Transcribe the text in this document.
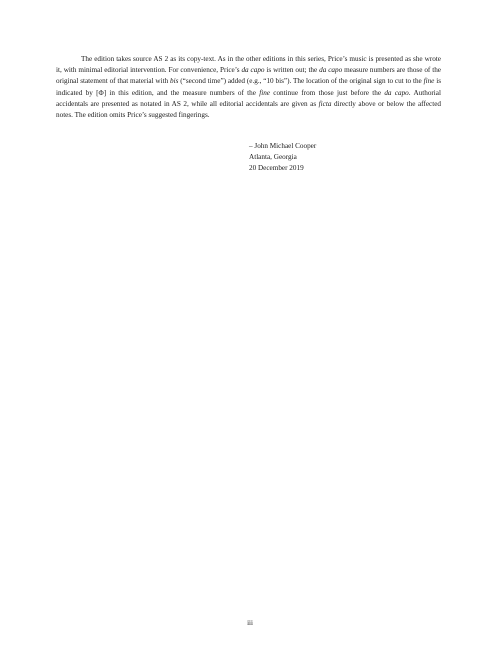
The edition takes source AS 2 as its copy-text. As in the other editions in this series, Price’s music is presented as she wrote it, with minimal editorial intervention. For convenience, Price’s da capo is written out; the da capo measure numbers are those of the original statement of that material with bis (“second time”) added (e.g., “10 bis”). The location of the original sign to cut to the fine is indicated by [Φ] in this edition, and the measure numbers of the fine continue from those just before the da capo. Authorial accidentals are presented as notated in AS 2, while all editorial accidentals are given as ficta directly above or below the affected notes. The edition omits Price’s suggested fingerings.

– John Michael Cooper
Atlanta, Georgia
20 December 2019
iii
